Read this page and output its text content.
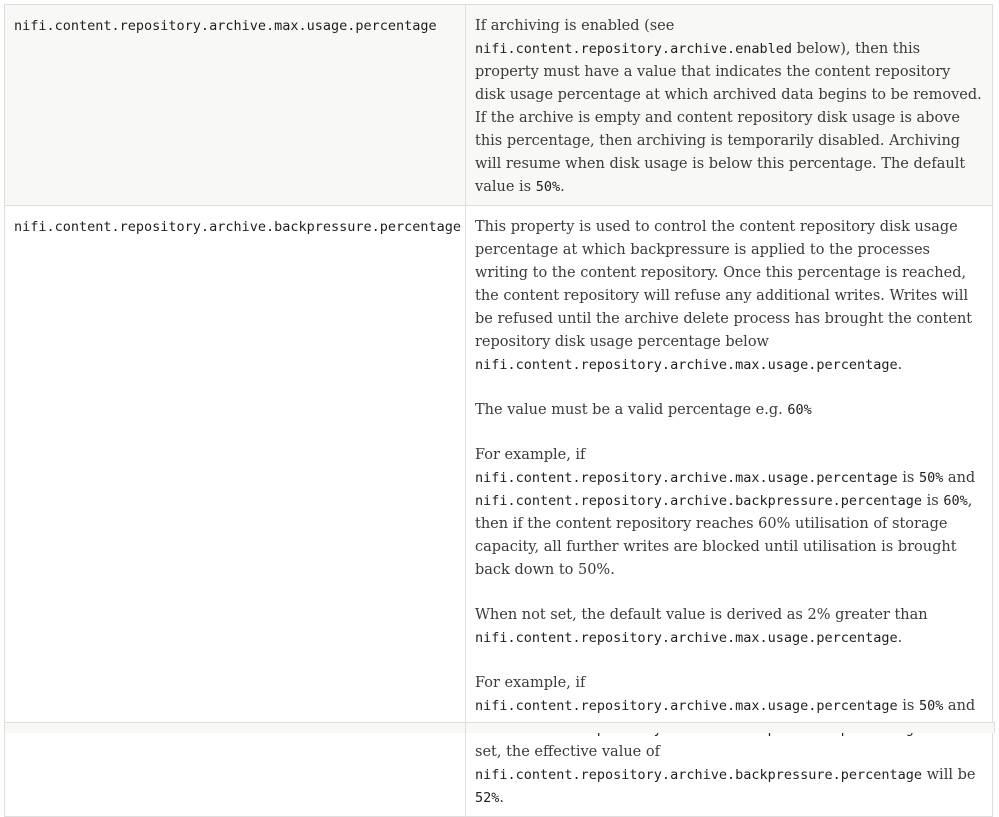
nifi.content.repository.archive.max.usage.percentage	If archiving is enabled (see nifi.content.repository.archive.enabled below), then this property must have a value that indicates the content repository disk usage percentage at which archived data begins to be removed. If the archive is empty and content repository disk usage is above this percentage, then archiving is temporarily disabled. Archiving will resume when disk usage is below this percentage. The default value is 50%.

nifi.content.repository.archive.backpressure.percentage	This property is used to control the content repository disk usage percentage at which backpressure is applied to the processes writing to the content repository. Once this percentage is reached, the content repository will refuse any additional writes. Writes will be refused until the archive delete process has brought the content repository disk usage percentage below nifi.content.repository.archive.max.usage.percentage.

The value must be a valid percentage e.g. 60%

For example, if nifi.content.repository.archive.max.usage.percentage is 50% and nifi.content.repository.archive.backpressure.percentage is 60%, then if the content repository reaches 60% utilisation of storage capacity, all further writes are blocked until utilisation is brought back down to 50%.

When not set, the default value is derived as 2% greater than nifi.content.repository.archive.max.usage.percentage.

For example, if nifi.content.repository.archive.max.usage.percentage is 50% and set, the effective value of nifi.content.repository.archive.backpressure.percentage will be 52%.
